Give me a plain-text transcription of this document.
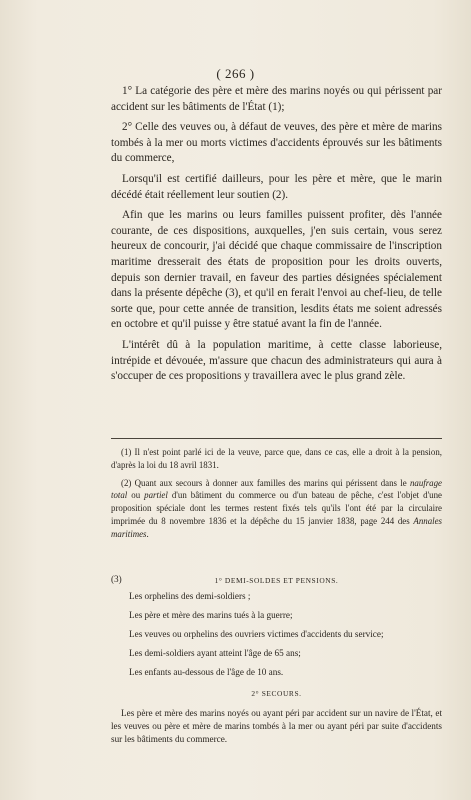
( 266 )

1° La catégorie des père et mère des marins noyés ou qui périssent par accident sur les bâtiments de l'État (1);

2° Celle des veuves ou, à défaut de veuves, des père et mère de marins tombés à la mer ou morts victimes d'accidents éprouvés sur les bâtiments du commerce,

Lorsqu'il est certifié dailleurs, pour les père et mère, que le marin décédé était réellement leur soutien (2).

Afin que les marins ou leurs familles puissent profiter, dès l'année courante, de ces dispositions, auxquelles, j'en suis certain, vous serez heureux de concourir, j'ai décidé que chaque commissaire de l'inscription maritime dresserait des états de proposition pour les droits ouverts, depuis son dernier travail, en faveur des parties désignées spécialement dans la présente dépêche (3), et qu'il en ferait l'envoi au chef-lieu, de telle sorte que, pour cette année de transition, lesdits états me soient adressés en octobre et qu'il puisse y être statué avant la fin de l'année.

L'intérêt dû à la population maritime, à cette classe laborieuse, intrépide et dévouée, m'assure que chacun des administrateurs qui aura à s'occuper de ces propositions y travaillera avec le plus grand zèle.

(1) Il n'est point parlé ici de la veuve, parce que, dans ce cas, elle a droit à la pension, d'après la loi du 18 avril 1831.

(2) Quant aux secours à donner aux familles des marins qui périssent dans le naufrage total ou partiel d'un bâtiment du commerce ou d'un bateau de pêche, c'est l'objet d'une proposition spéciale dont les termes restent fixés tels qu'ils l'ont été par la circulaire imprimée du 8 novembre 1836 et la dépêche du 15 janvier 1838, page 244 des Annales maritimes.

1° DEMI-SOLDES ET PENSIONS.
(3)
Les orphelins des demi-soldiers ;
Les père et mère des marins tués à la guerre;
Les veuves ou orphelins des ouvriers victimes d'accidents du service;
Les demi-soldiers ayant atteint l'âge de 65 ans;
Les enfants au-dessous de l'âge de 10 ans.
2° SECOURS.
Les père et mère des marins noyés ou ayant péri par accident sur un navire de l'État, et les veuves ou père et mère de marins tombés à la mer ou ayant péri par suite d'accidents sur les bâtiments du commerce.
